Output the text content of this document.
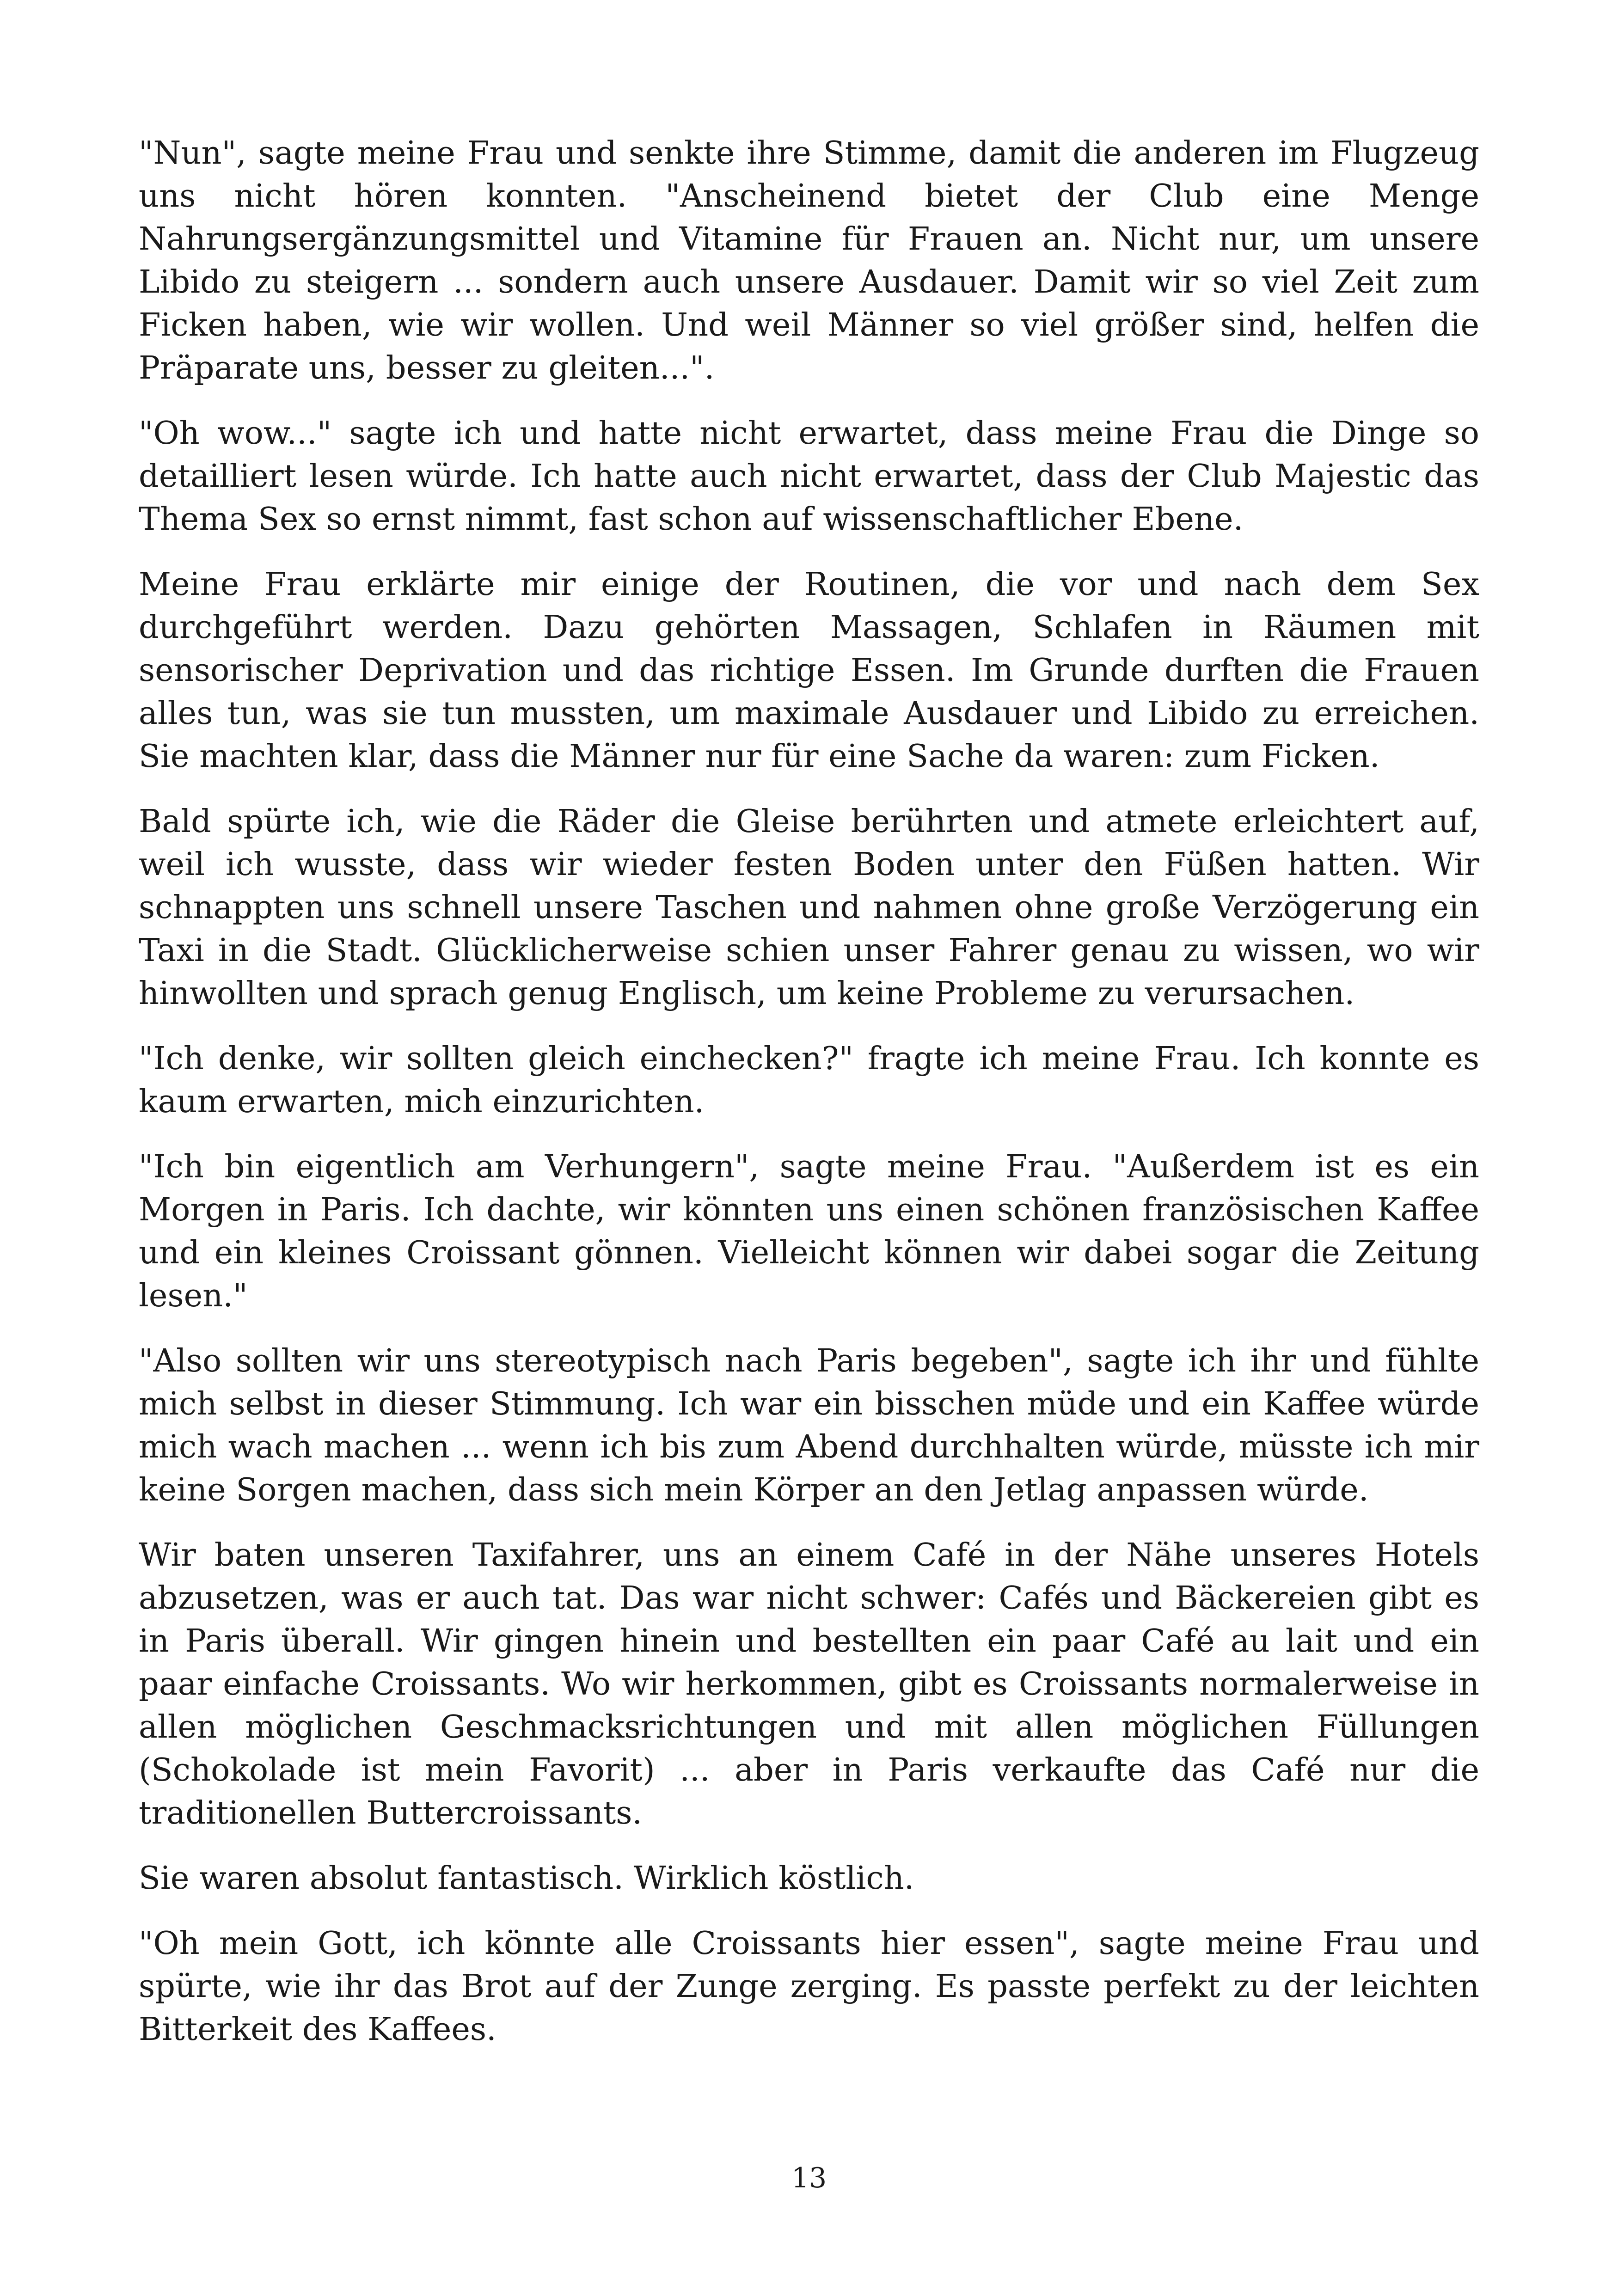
"Nun", sagte meine Frau und senkte ihre Stimme, damit die anderen im Flugzeug uns nicht hören konnten. "Anscheinend bietet der Club eine Menge Nahrungsergänzungsmittel und Vitamine für Frauen an. Nicht nur, um unsere Libido zu steigern ... sondern auch unsere Ausdauer. Damit wir so viel Zeit zum Ficken haben, wie wir wollen. Und weil Männer so viel größer sind, helfen die Präparate uns, besser zu gleiten...".

"Oh wow..." sagte ich und hatte nicht erwartet, dass meine Frau die Dinge so detailliert lesen würde. Ich hatte auch nicht erwartet, dass der Club Majestic das Thema Sex so ernst nimmt, fast schon auf wissenschaftlicher Ebene.

Meine Frau erklärte mir einige der Routinen, die vor und nach dem Sex durchgeführt werden. Dazu gehörten Massagen, Schlafen in Räumen mit sensorischer Deprivation und das richtige Essen. Im Grunde durften die Frauen alles tun, was sie tun mussten, um maximale Ausdauer und Libido zu erreichen. Sie machten klar, dass die Männer nur für eine Sache da waren: zum Ficken.

Bald spürte ich, wie die Räder die Gleise berührten und atmete erleichtert auf, weil ich wusste, dass wir wieder festen Boden unter den Füßen hatten. Wir schnappten uns schnell unsere Taschen und nahmen ohne große Verzögerung ein Taxi in die Stadt. Glücklicherweise schien unser Fahrer genau zu wissen, wo wir hinwollten und sprach genug Englisch, um keine Probleme zu verursachen.

"Ich denke, wir sollten gleich einchecken?" fragte ich meine Frau. Ich konnte es kaum erwarten, mich einzurichten.

"Ich bin eigentlich am Verhungern", sagte meine Frau. "Außerdem ist es ein Morgen in Paris. Ich dachte, wir könnten uns einen schönen französischen Kaffee und ein kleines Croissant gönnen. Vielleicht können wir dabei sogar die Zeitung lesen."

"Also sollten wir uns stereotypisch nach Paris begeben", sagte ich ihr und fühlte mich selbst in dieser Stimmung. Ich war ein bisschen müde und ein Kaffee würde mich wach machen ... wenn ich bis zum Abend durchhalten würde, müsste ich mir keine Sorgen machen, dass sich mein Körper an den Jetlag anpassen würde.

Wir baten unseren Taxifahrer, uns an einem Café in der Nähe unseres Hotels abzusetzen, was er auch tat. Das war nicht schwer: Cafés und Bäckereien gibt es in Paris überall. Wir gingen hinein und bestellten ein paar Café au lait und ein paar einfache Croissants. Wo wir herkommen, gibt es Croissants normalerweise in allen möglichen Geschmacksrichtungen und mit allen möglichen Füllungen (Schokolade ist mein Favorit) ... aber in Paris verkaufte das Café nur die traditionellen Buttercroissants.

Sie waren absolut fantastisch. Wirklich köstlich.

"Oh mein Gott, ich könnte alle Croissants hier essen", sagte meine Frau und spürte, wie ihr das Brot auf der Zunge zerging. Es passte perfekt zu der leichten Bitterkeit des Kaffees.

13
